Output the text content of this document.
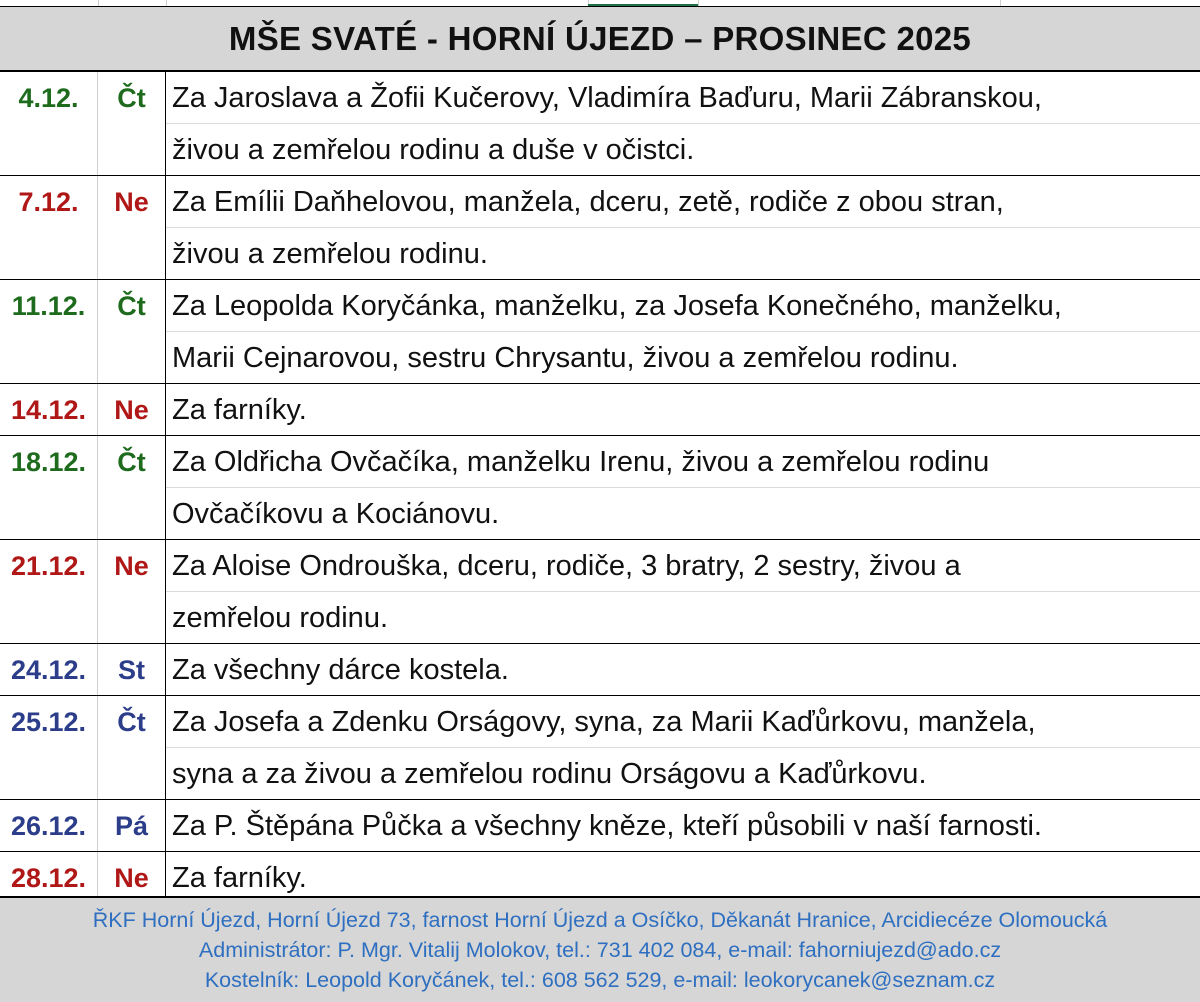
MŠE SVATÉ - HORNÍ ÚJEZD – PROSINEC 2025
4.12.	Čt Za Jaroslava a Žofii Kučerovy, Vladimíra Baďuru, Marii Zábranskou,
živou a zemřelou rodinu a duše v očistci.
7.12.	Ne Za Emílii Daňhelovou, manžela, dceru, zetě, rodiče z obou stran,
živou a zemřelou rodinu.
11.12.	Čt Za Leopolda Koryčánka, manželku, za Josefa Konečného, manželku,
Marii Cejnarovou, sestru Chrysantu, živou a zemřelou rodinu.
14.12.	Ne Za farníky.
18.12.	Čt Za Oldřicha Ovčačíka, manželku Irenu, živou a zemřelou rodinu
Ovčačíkovu a Kociánovu.
21.12.	Ne Za Aloise Ondrouška, dceru, rodiče, 3 bratry, 2 sestry, živou a
zemřelou rodinu.
24.12.	St Za všechny dárce kostela.
25.12.	Čt Za Josefa a Zdenku Orságovy, syna, za Marii Kaďůrkovu, manžela,
syna a za živou a zemřelou rodinu Orságovu a Kaďůrkovu.
26.12.	Pá Za P. Štěpána Půčka a všechny kněze, kteří působili v naší farnosti.
28.12.	Ne Za farníky.
ŘKF Horní Újezd, Horní Újezd 73, farnost Horní Újezd a Osíčko, Děkanát Hranice, Arcidiecéze Olomoucká
Administrátor: P. Mgr. Vitalij Molokov, tel.: 731 402 084, e-mail: fahorniujezd@ado.cz
Kostelník: Leopold Koryčánek, tel.: 608 562 529, e-mail: leokorycanek@seznam.cz
